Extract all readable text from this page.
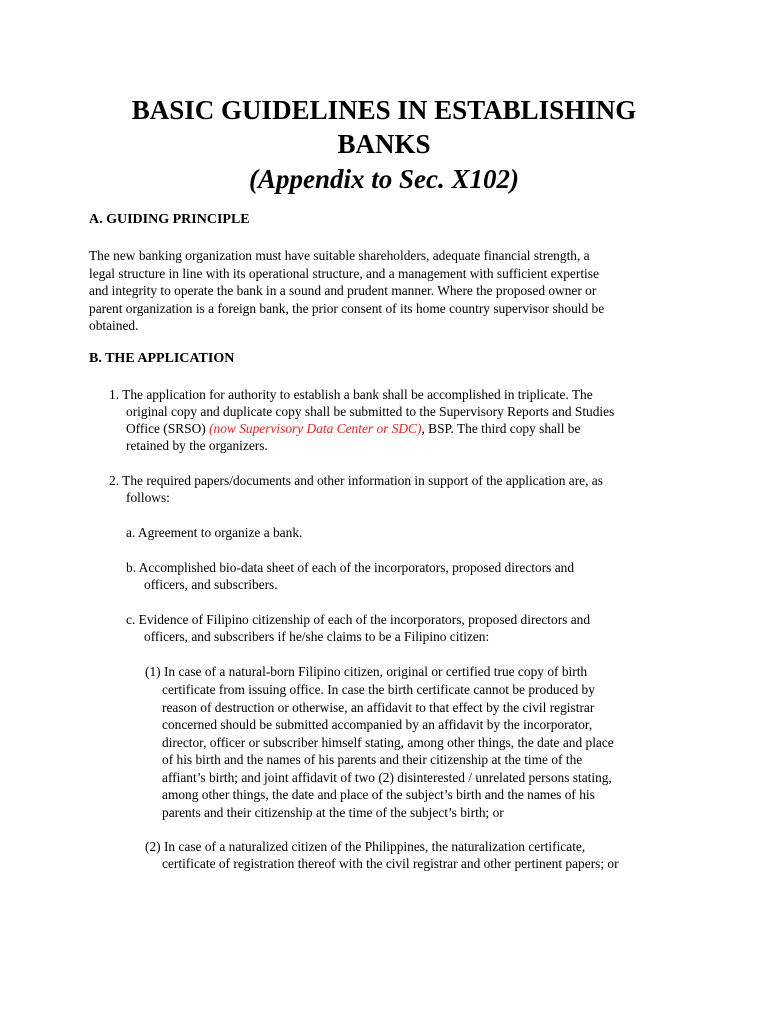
BASIC GUIDELINES IN ESTABLISHING
BANKS
(Appendix to Sec. X102)
A. GUIDING PRINCIPLE

The new banking organization must have suitable shareholders, adequate financial strength, a
legal structure in line with its operational structure, and a management with sufficient expertise
and integrity to operate the bank in a sound and prudent manner. Where the proposed owner or
parent organization is a foreign bank, the prior consent of its home country supervisor should be
obtained.

B. THE APPLICATION

1. The application for authority to establish a bank shall be accomplished in triplicate. The

original copy and duplicate copy shall be submitted to the Supervisory Reports and Studies

Office (SRSO) (now Supervisory Data Center or SDC), BSP. The third copy shall be

retained by the organizers.

2. The required papers/documents and other information in support of the application are, as

follows:

a. Agreement to organize a bank.

b. Accomplished bio-data sheet of each of the incorporators, proposed directors and

officers, and subscribers.

c. Evidence of Filipino citizenship of each of the incorporators, proposed directors and

officers, and subscribers if he/she claims to be a Filipino citizen:

(1) In case of a natural-born Filipino citizen, original or certified true copy of birth

certificate from issuing office. In case the birth certificate cannot be produced by
reason of destruction or otherwise, an affidavit to that effect by the civil registrar
concerned should be submitted accompanied by an affidavit by the incorporator,
director, officer or subscriber himself stating, among other things, the date and place
of his birth and the names of his parents and their citizenship at the time of the
affiant’s birth; and joint affidavit of two (2) disinterested / unrelated persons stating,
among other things, the date and place of the subject’s birth and the names of his
parents and their citizenship at the time of the subject’s birth; or

(2) In case of a naturalized citizen of the Philippines, the naturalization certificate,

certificate of registration thereof with the civil registrar and other pertinent papers; or
